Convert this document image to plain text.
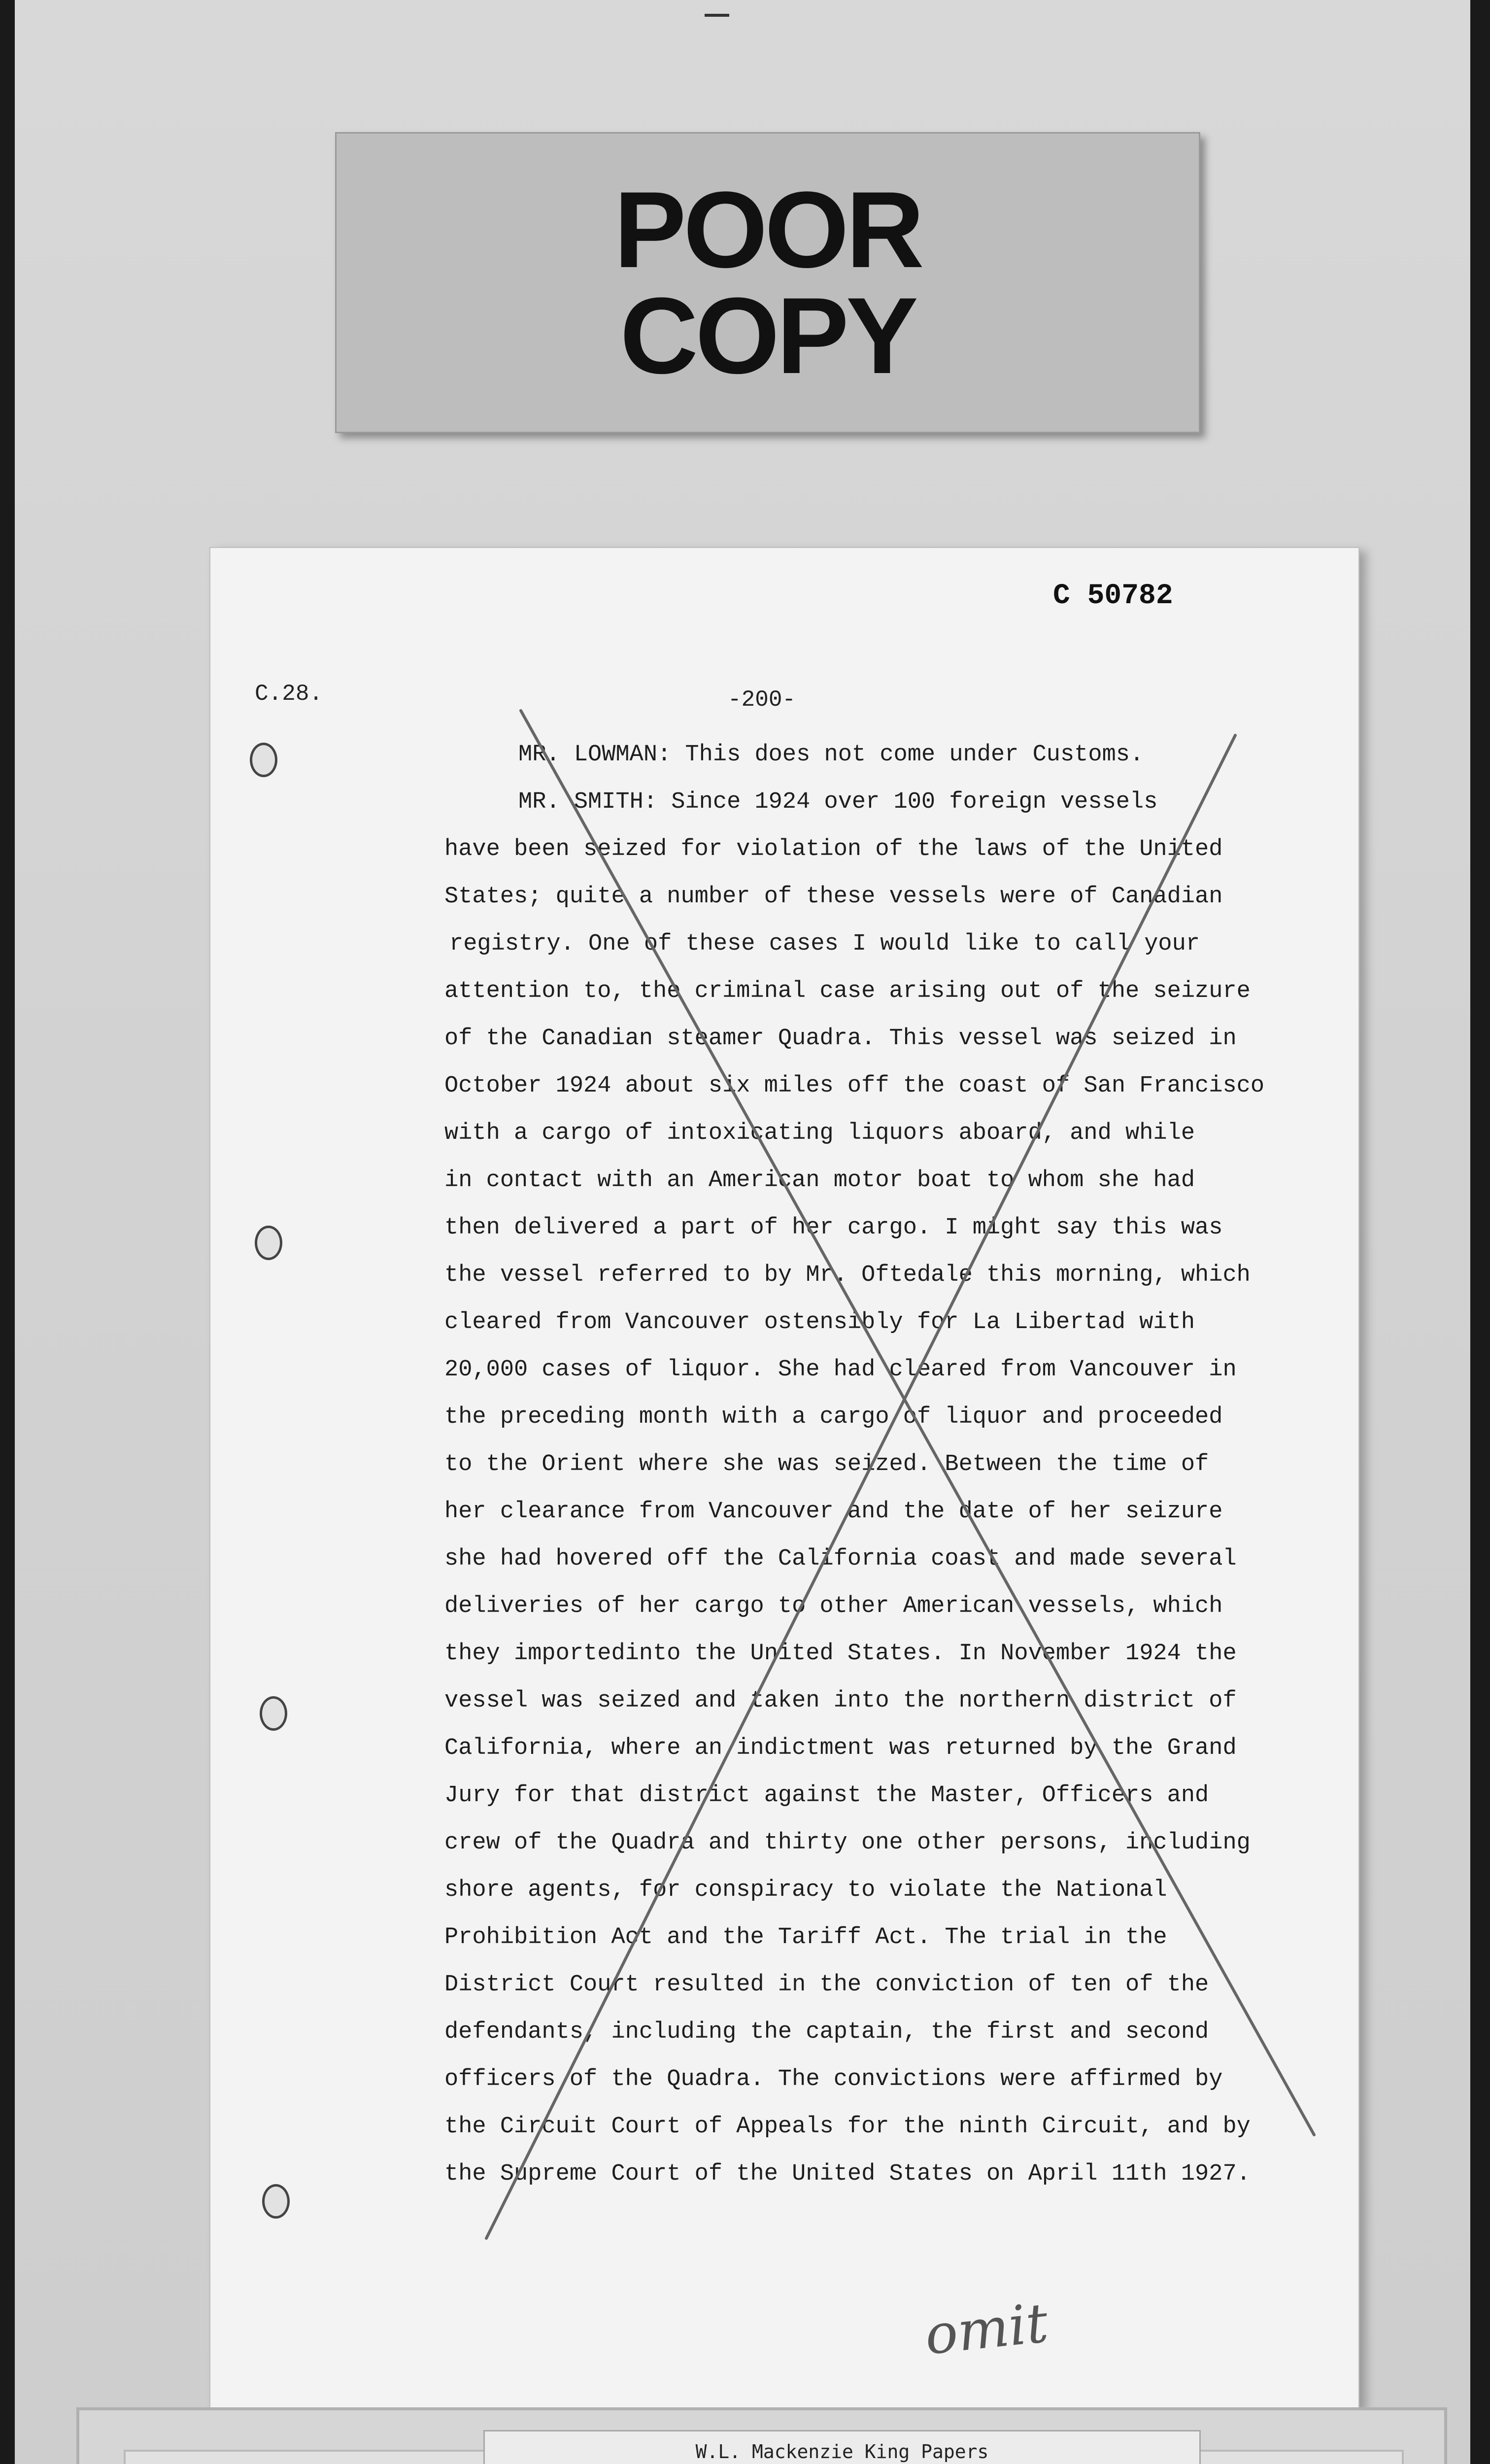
POOR
COPY
C 50782
C.28.	-200-
MR. LOWMAN: This does not come under Customs.
MR. SMITH: Since 1924 over 100 foreign vessels
have been seized for violation of the laws of the United
States; quite a number of these vessels were of Canadian
registry. One of these cases I would like to call your
attention to, the criminal case arising out of the seizure
of the Canadian steamer Quadra. This vessel was seized in
October 1924 about six miles off the coast of San Francisco
with a cargo of intoxicating liquors aboard, and while
in contact with an American motor boat to whom she had
then delivered a part of her cargo. I might say this was
the vessel referred to by Mr. Oftedale this morning, which
cleared from Vancouver ostensibly for La Libertad with
20,000 cases of liquor. She had cleared from Vancouver in
the preceding month with a cargo of liquor and proceeded
to the Orient where she was seized. Between the time of
her clearance from Vancouver and the date of her seizure
she had hovered off the California coast and made several
deliveries of her cargo to other American vessels, which
they importedinto the United States. In November 1924 the
vessel was seized and taken into the northern district of
California, where an indictment was returned by the Grand
Jury for that district against the Master, Officers and
crew of the Quadra and thirty one other persons, including
shore agents, for conspiracy to violate the National
Prohibition Act and the Tariff Act. The trial in the
District Court resulted in the conviction of ten of the
defendants, including the captain, the first and second
officers of the Quadra. The convictions were affirmed by
the Circuit Court of Appeals for the ninth Circuit, and by
the Supreme Court of the United States on April 11th 1927.
omit
W.L. Mackenzie King Papers
